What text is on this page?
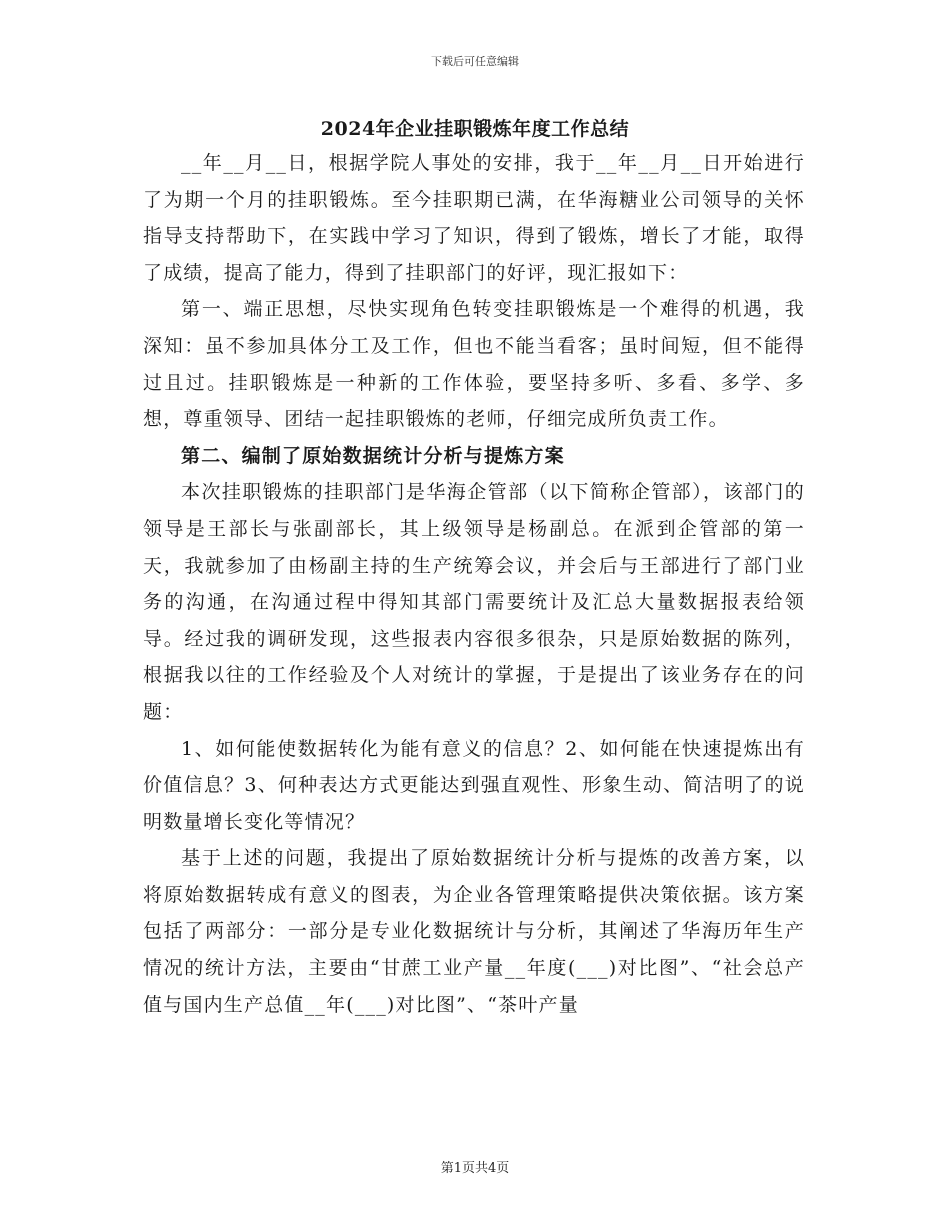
下载后可任意编辑
2024年企业挂职锻炼年度工作总结

__年__月__日，根据学院人事处的安排，我于__年__月__日开始进行了为期一个月的挂职锻炼。至今挂职期已满，在华海糖业公司领导的关怀指导支持帮助下，在实践中学习了知识，得到了锻炼，增长了才能，取得了成绩，提高了能力，得到了挂职部门的好评，现汇报如下：

第一、端正思想，尽快实现角色转变挂职锻炼是一个难得的机遇，我深知：虽不参加具体分工及工作，但也不能当看客；虽时间短，但不能得过且过。挂职锻炼是一种新的工作体验，要坚持多听、多看、多学、多想，尊重领导、团结一起挂职锻炼的老师，仔细完成所负责工作。

第二、编制了原始数据统计分析与提炼方案

本次挂职锻炼的挂职部门是华海企管部（以下简称企管部），该部门的领导是王部长与张副部长，其上级领导是杨副总。在派到企管部的第一天，我就参加了由杨副主持的生产统筹会议，并会后与王部进行了部门业务的沟通，在沟通过程中得知其部门需要统计及汇总大量数据报表给领导。经过我的调研发现，这些报表内容很多很杂，只是原始数据的陈列，根据我以往的工作经验及个人对统计的掌握，于是提出了该业务存在的问题：

1、如何能使数据转化为能有意义的信息？2、如何能在快速提炼出有价值信息？3、何种表达方式更能达到强直观性、形象生动、简洁明了的说明数量增长变化等情况？

基于上述的问题，我提出了原始数据统计分析与提炼的改善方案，以将原始数据转成有意义的图表，为企业各管理策略提供决策依据。该方案包括了两部分：一部分是专业化数据统计与分析，其阐述了华海历年生产情况的统计方法，主要由“甘蔗工业产量__年度(___)对比图”、“社会总产值与国内生产总值__年(___)对比图”、“茶叶产量

第1页共4页
